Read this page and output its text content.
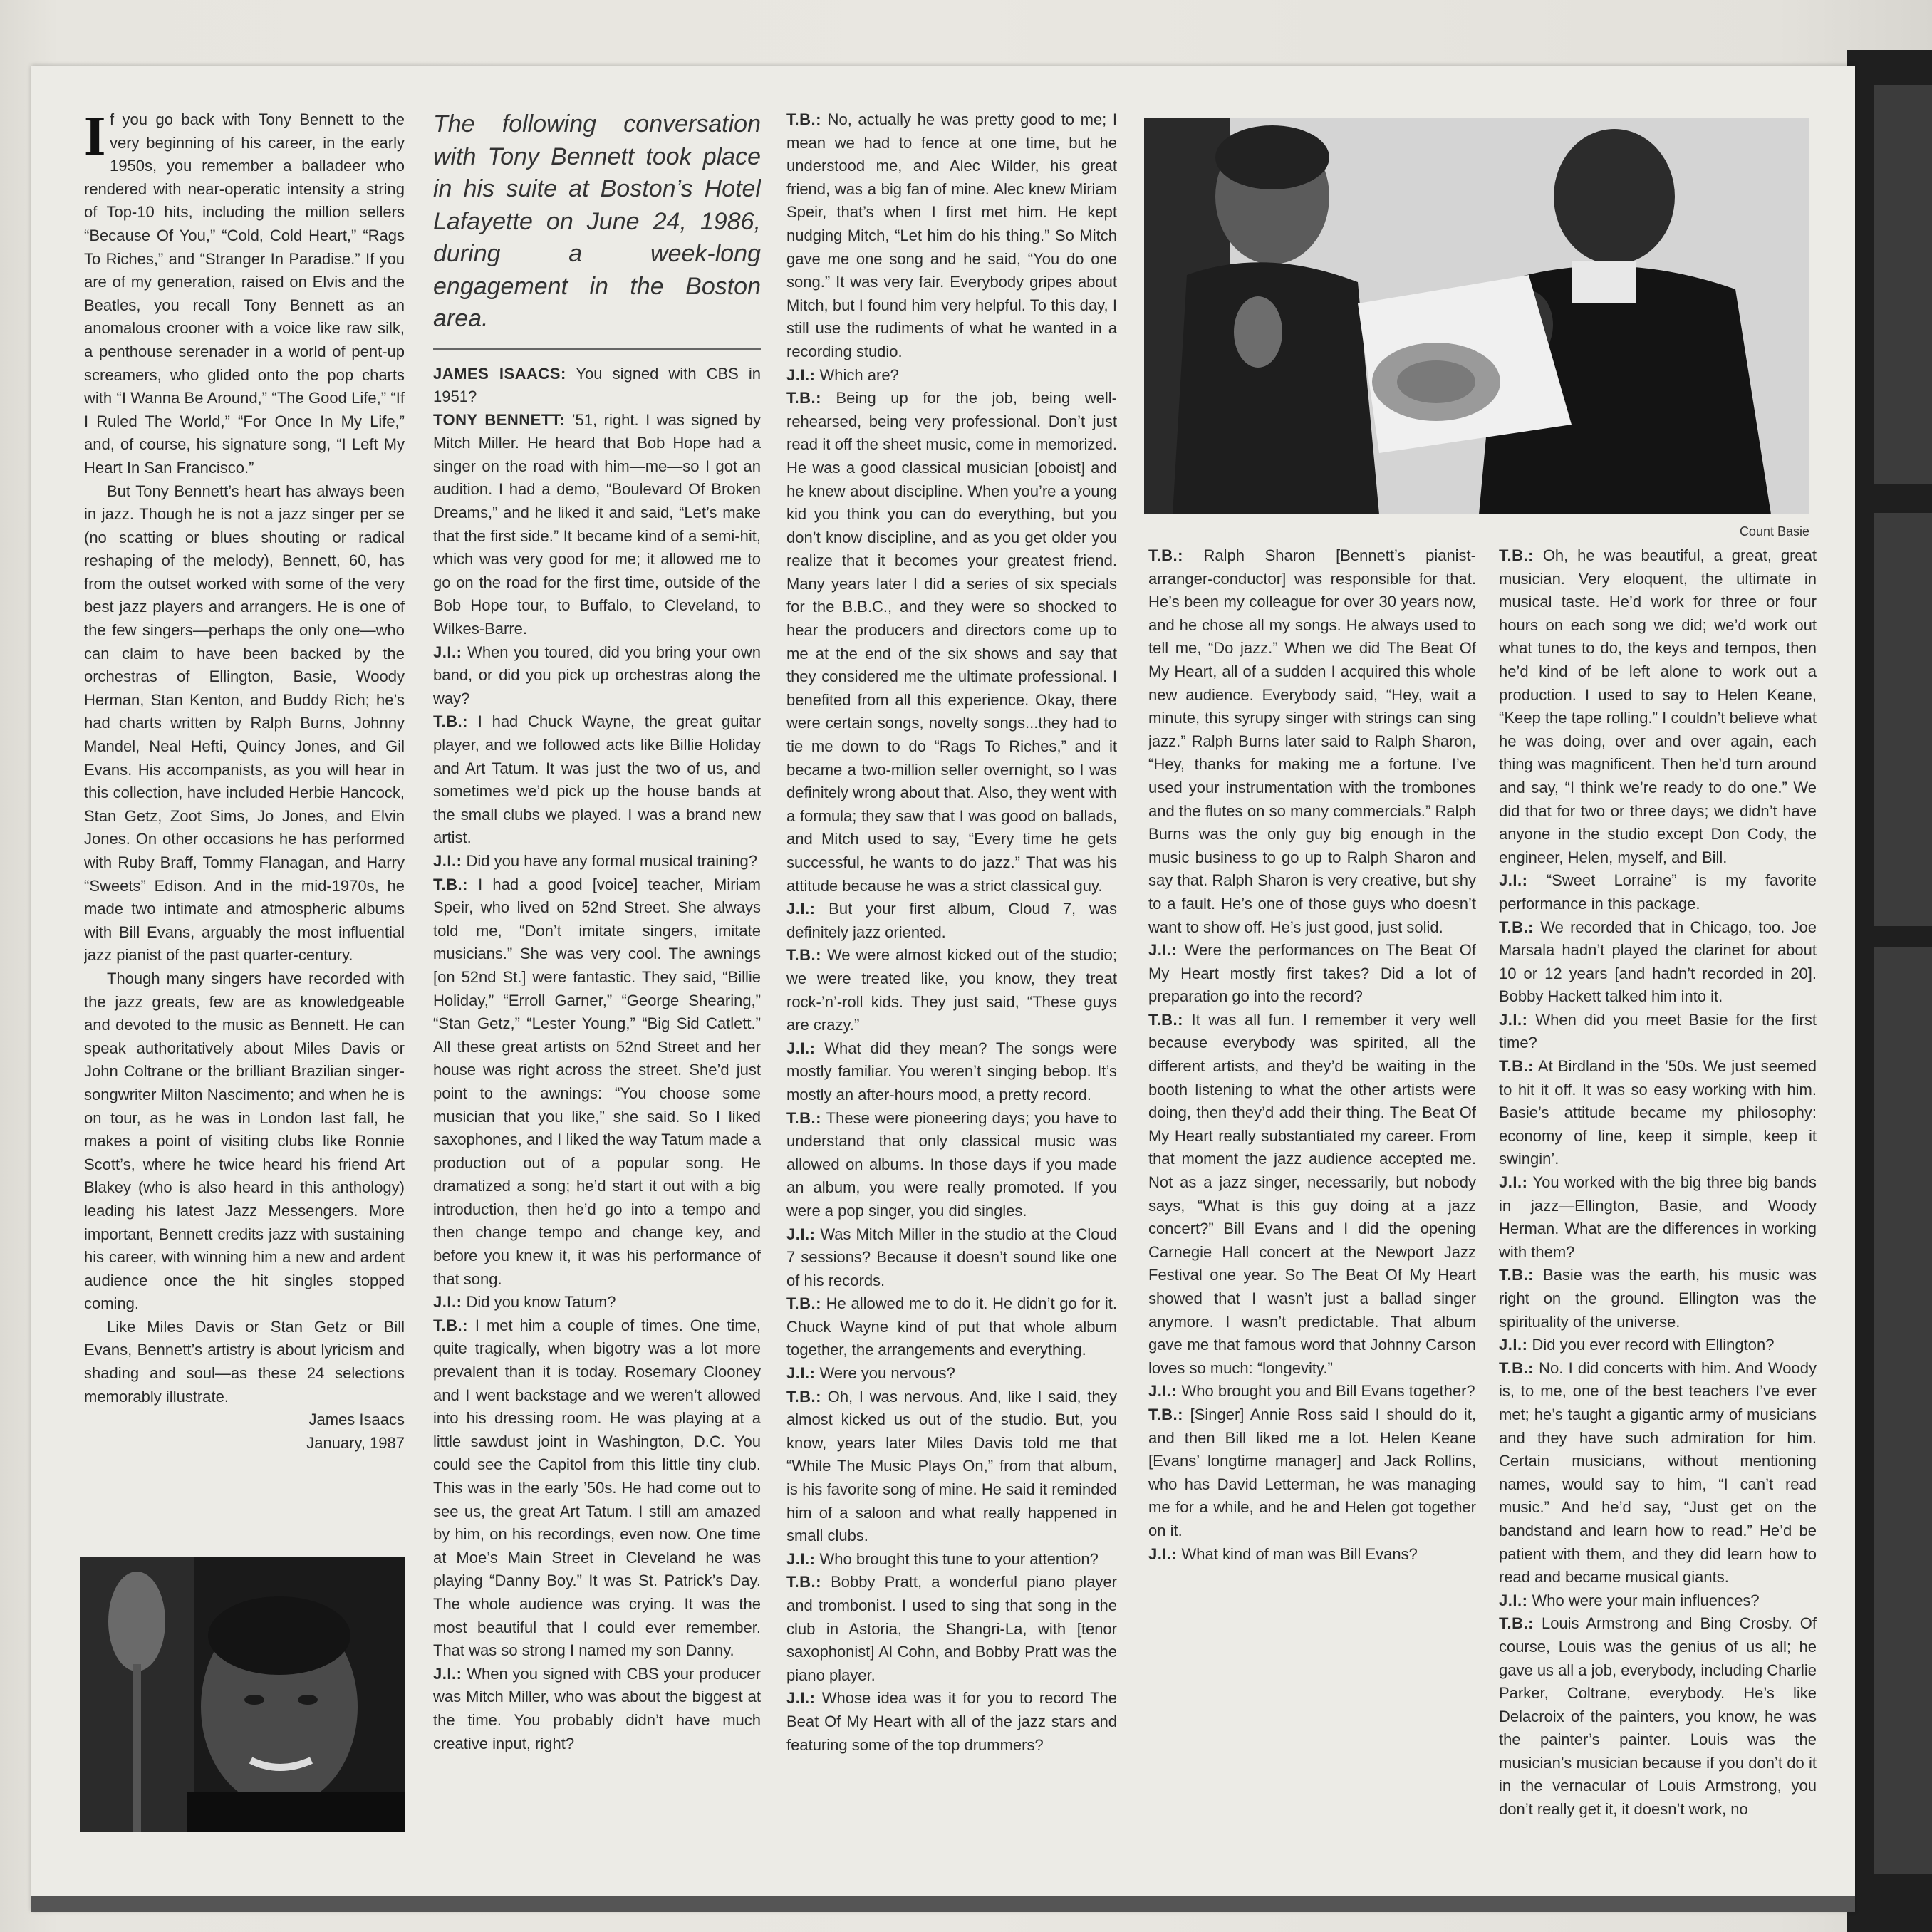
If you go back with Tony Bennett to the very beginning of his career, in the early 1950s, you remember a balladeer who rendered with near-operatic intensity a string of Top-10 hits, including the million sellers “Because Of You,” “Cold, Cold Heart,” “Rags To Riches,” and “Stranger In Paradise.” If you are of my generation, raised on Elvis and the Beatles, you recall Tony Bennett as an anomalous crooner with a voice like raw silk, a penthouse serenader in a world of pent-up screamers, who glided onto the pop charts with “I Wanna Be Around,” “The Good Life,” “If I Ruled The World,” “For Once In My Life,” and, of course, his signature song, “I Left My Heart In San Francisco.”

But Tony Bennett’s heart has always been in jazz. Though he is not a jazz singer per se (no scatting or blues shouting or radical reshaping of the melody), Bennett, 60, has from the outset worked with some of the very best jazz players and arrangers. He is one of the few singers—perhaps the only one—who can claim to have been backed by the orchestras of Ellington, Basie, Woody Herman, Stan Kenton, and Buddy Rich; he’s had charts written by Ralph Burns, Johnny Mandel, Neal Hefti, Quincy Jones, and Gil Evans. His accompanists, as you will hear in this collection, have included Herbie Hancock, Stan Getz, Zoot Sims, Jo Jones, and Elvin Jones. On other occasions he has performed with Ruby Braff, Tommy Flanagan, and Harry “Sweets” Edison. And in the mid-1970s, he made two intimate and atmospheric albums with Bill Evans, arguably the most influential jazz pianist of the past quarter-century.

Though many singers have recorded with the jazz greats, few are as knowledgeable and devoted to the music as Bennett. He can speak authoritatively about Miles Davis or John Coltrane or the brilliant Brazilian singer-songwriter Milton Nascimento; and when he is on tour, as he was in London last fall, he makes a point of visiting clubs like Ronnie Scott’s, where he twice heard his friend Art Blakey (who is also heard in this anthology) leading his latest Jazz Messengers. More important, Bennett credits jazz with sustaining his career, with winning him a new and ardent audience once the hit singles stopped coming.

Like Miles Davis or Stan Getz or Bill Evans, Bennett’s artistry is about lyricism and shading and soul—as these 24 selections memorably illustrate.

James Isaacs

January, 1987

The following conversation with Tony Bennett took place in his suite at Boston’s Hotel Lafayette on June 24, 1986, during a week-long engagement in the Boston area.

JAMES ISAACS: You signed with CBS in 1951?

TONY BENNETT: ’51, right. I was signed by Mitch Miller. He heard that Bob Hope had a singer on the road with him—me—so I got an audition. I had a demo, “Boulevard Of Broken Dreams,” and he liked it and said, “Let’s make that the first side.” It became kind of a semi-hit, which was very good for me; it allowed me to go on the road for the first time, outside of the Bob Hope tour, to Buffalo, to Cleveland, to Wilkes-Barre.

J.I.: When you toured, did you bring your own band, or did you pick up orchestras along the way?

T.B.: I had Chuck Wayne, the great guitar player, and we followed acts like Billie Holiday and Art Tatum. It was just the two of us, and sometimes we’d pick up the house bands at the small clubs we played. I was a brand new artist.

J.I.: Did you have any formal musical training?

T.B.: I had a good [voice] teacher, Miriam Speir, who lived on 52nd Street. She always told me, “Don’t imitate singers, imitate musicians.” She was very cool. The awnings [on 52nd St.] were fantastic. They said, “Billie Holiday,” “Erroll Garner,” “George Shearing,” “Stan Getz,” “Lester Young,” “Big Sid Catlett.” All these great artists on 52nd Street and her house was right across the street. She’d just point to the awnings: “You choose some musician that you like,” she said. So I liked saxophones, and I liked the way Tatum made a production out of a popular song. He dramatized a song; he’d start it out with a big introduction, then he’d go into a tempo and then change tempo and change key, and before you knew it, it was his performance of that song.

J.I.: Did you know Tatum?

T.B.: I met him a couple of times. One time, quite tragically, when bigotry was a lot more prevalent than it is today. Rosemary Clooney and I went backstage and we weren’t allowed into his dressing room. He was playing at a little sawdust joint in Washington, D.C. You could see the Capitol from this little tiny club. This was in the early ’50s. He had come out to see us, the great Art Tatum. I still am amazed by him, on his recordings, even now. One time at Moe’s Main Street in Cleveland he was playing “Danny Boy.” It was St. Patrick’s Day. The whole audience was crying. It was the most beautiful that I could ever remember. That was so strong I named my son Danny.

J.I.: When you signed with CBS your producer was Mitch Miller, who was about the biggest at the time. You probably didn’t have much creative input, right?

T.B.: No, actually he was pretty good to me; I mean we had to fence at one time, but he understood me, and Alec Wilder, his great friend, was a big fan of mine. Alec knew Miriam Speir, that’s when I first met him. He kept nudging Mitch, “Let him do his thing.” So Mitch gave me one song and he said, “You do one song.” It was very fair. Everybody gripes about Mitch, but I found him very helpful. To this day, I still use the rudiments of what he wanted in a recording studio.

J.I.: Which are?

T.B.: Being up for the job, being well-rehearsed, being very professional. Don’t just read it off the sheet music, come in memorized. He was a good classical musician [oboist] and he knew about discipline. When you’re a young kid you think you can do everything, but you don’t know discipline, and as you get older you realize that it becomes your greatest friend. Many years later I did a series of six specials for the B.B.C., and they were so shocked to hear the producers and directors come up to me at the end of the six shows and say that they considered me the ultimate professional. I benefited from all this experience. Okay, there were certain songs, novelty songs...they had to tie me down to do “Rags To Riches,” and it became a two-million seller overnight, so I was definitely wrong about that. Also, they went with a formula; they saw that I was good on ballads, and Mitch used to say, “Every time he gets successful, he wants to do jazz.” That was his attitude because he was a strict classical guy.

J.I.: But your first album, Cloud 7, was definitely jazz oriented.

T.B.: We were almost kicked out of the studio; we were treated like, you know, they treat rock-’n’-roll kids. They just said, “These guys are crazy.”

J.I.: What did they mean? The songs were mostly familiar. You weren’t singing bebop. It’s mostly an after-hours mood, a pretty record.

T.B.: These were pioneering days; you have to understand that only classical music was allowed on albums. In those days if you made an album, you were really promoted. If you were a pop singer, you did singles.

J.I.: Was Mitch Miller in the studio at the Cloud 7 sessions? Because it doesn’t sound like one of his records.

T.B.: He allowed me to do it. He didn’t go for it. Chuck Wayne kind of put that whole album together, the arrangements and everything.

J.I.: Were you nervous?

T.B.: Oh, I was nervous. And, like I said, they almost kicked us out of the studio. But, you know, years later Miles Davis told me that “While The Music Plays On,” from that album, is his favorite song of mine. He said it reminded him of a saloon and what really happened in small clubs.

J.I.: Who brought this tune to your attention?

T.B.: Bobby Pratt, a wonderful piano player and trombonist. I used to sing that song in the club in Astoria, the Shangri-La, with [tenor saxophonist] Al Cohn, and Bobby Pratt was the piano player.

J.I.: Whose idea was it for you to record The Beat Of My Heart with all of the jazz stars and featuring some of the top drummers?

Count Basie

T.B.: Ralph Sharon [Bennett’s pianist-arranger-conductor] was responsible for that. He’s been my colleague for over 30 years now, and he chose all my songs. He always used to tell me, “Do jazz.” When we did The Beat Of My Heart, all of a sudden I acquired this whole new audience. Everybody said, “Hey, wait a minute, this syrupy singer with strings can sing jazz.” Ralph Burns later said to Ralph Sharon, “Hey, thanks for making me a fortune. I’ve used your instrumentation with the trombones and the flutes on so many commercials.” Ralph Burns was the only guy big enough in the music business to go up to Ralph Sharon and say that. Ralph Sharon is very creative, but shy to a fault. He’s one of those guys who doesn’t want to show off. He’s just good, just solid.

J.I.: Were the performances on The Beat Of My Heart mostly first takes? Did a lot of preparation go into the record?

T.B.: It was all fun. I remember it very well because everybody was spirited, all the different artists, and they’d be waiting in the booth listening to what the other artists were doing, then they’d add their thing. The Beat Of My Heart really substantiated my career. From that moment the jazz audience accepted me. Not as a jazz singer, necessarily, but nobody says, “What is this guy doing at a jazz concert?” Bill Evans and I did the opening Carnegie Hall concert at the Newport Jazz Festival one year. So The Beat Of My Heart showed that I wasn’t just a ballad singer anymore. I wasn’t predictable. That album gave me that famous word that Johnny Carson loves so much: “longevity.”

J.I.: Who brought you and Bill Evans together?

T.B.: [Singer] Annie Ross said I should do it, and then Bill liked me a lot. Helen Keane [Evans’ longtime manager] and Jack Rollins, who has David Letterman, he was managing me for a while, and he and Helen got together on it.

J.I.: What kind of man was Bill Evans?

T.B.: Oh, he was beautiful, a great, great musician. Very eloquent, the ultimate in musical taste. He’d work for three or four hours on each song we did; we’d work out what tunes to do, the keys and tempos, then he’d kind of be left alone to work out a production. I used to say to Helen Keane, “Keep the tape rolling.” I couldn’t believe what he was doing, over and over again, each thing was magnificent. Then he’d turn around and say, “I think we’re ready to do one.” We did that for two or three days; we didn’t have anyone in the studio except Don Cody, the engineer, Helen, myself, and Bill.

J.I.: “Sweet Lorraine” is my favorite performance in this package.

T.B.: We recorded that in Chicago, too. Joe Marsala hadn’t played the clarinet for about 10 or 12 years [and hadn’t recorded in 20]. Bobby Hackett talked him into it.

J.I.: When did you meet Basie for the first time?

T.B.: At Birdland in the ’50s. We just seemed to hit it off. It was so easy working with him. Basie’s attitude became my philosophy: economy of line, keep it simple, keep it swingin’.

J.I.: You worked with the big three big bands in jazz—Ellington, Basie, and Woody Herman. What are the differences in working with them?

T.B.: Basie was the earth, his music was right on the ground. Ellington was the spirituality of the universe.

J.I.: Did you ever record with Ellington?

T.B.: No. I did concerts with him. And Woody is, to me, one of the best teachers I’ve ever met; he’s taught a gigantic army of musicians and they have such admiration for him. Certain musicians, without mentioning names, would say to him, “I can’t read music.” And he’d say, “Just get on the bandstand and learn how to read.” He’d be patient with them, and they did learn how to read and became musical giants.

J.I.: Who were your main influences?

T.B.: Louis Armstrong and Bing Crosby. Of course, Louis was the genius of us all; he gave us all a job, everybody, including Charlie Parker, Coltrane, everybody. He’s like Delacroix of the painters, you know, he was the painter’s painter. Louis was the musician’s musician because if you don’t do it in the vernacular of Louis Armstrong, you don’t really get it, it doesn’t work, no
